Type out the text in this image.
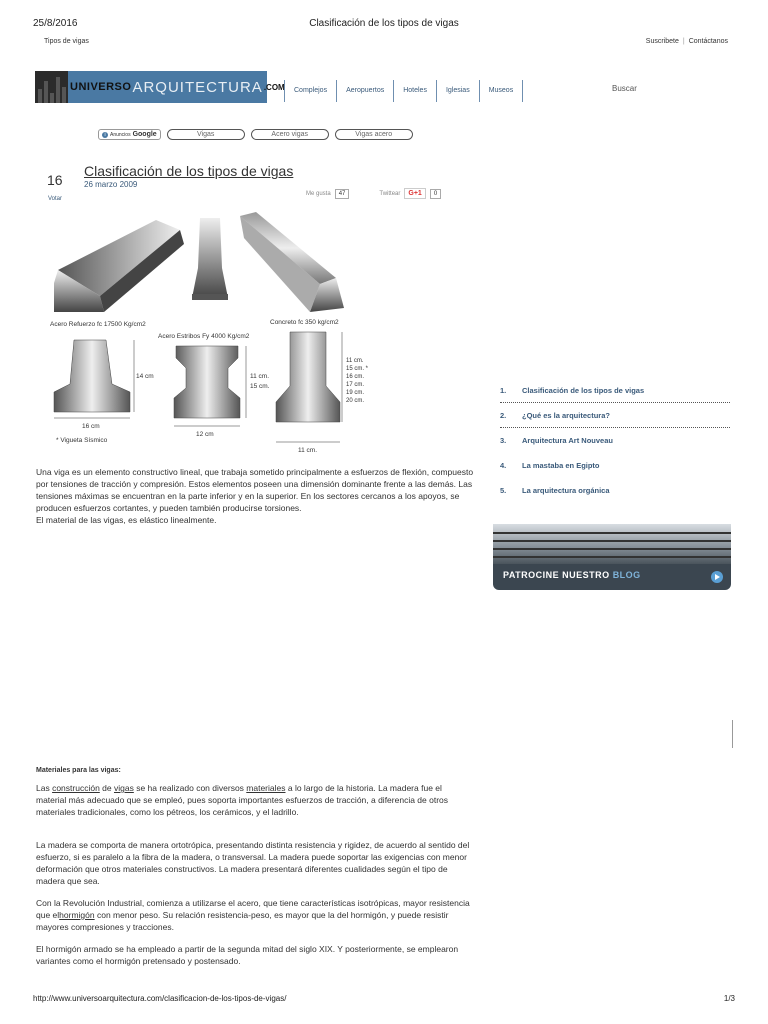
25/8/2016	Clasificación de los tipos de vigas
Tipos de vigas	Suscribete | Contáctanos
UNIVERSO ARQUITECTURA .COM	Complejos	Aeropuertos	Hoteles	Iglesias	Museos	Buscar
i Anuncios Google	Vigas	Acero vigas	Vigas acero
16
Votar
Clasificación de los tipos de vigas
26 marzo 2009
Me gusta	47	Twittear	G+1	0
Acero Refuerzo fc 17500 Kg/cm2
Acero Estribos Fy 4000 Kg/cm2
Concreto fc 350 kg/cm2
14 cm
16 cm
* Vigueta Sísmico
11 cm.
15 cm.
12 cm
11 cm.
15 cm. *
16 cm.
17 cm.
19 cm.
20 cm.
11 cm.
Una viga es un elemento constructivo lineal, que trabaja sometido principalmente a esfuerzos de flexión, compuesto por tensiones de tracción y compresión. Estos elementos poseen una dimensión dominante frente a las demás. Las tensiones máximas se encuentran en la parte inferior y en la superior. En los sectores cercanos a los apoyos, se producen esfuerzos cortantes, y pueden también producirse torsiones.
El material de las vigas, es elástico linealmente.
1.	Clasificación de los tipos de vigas
2.	¿Qué es la arquitectura?
3.	Arquitectura Art Nouveau
4.	La mastaba en Egipto
5.	La arquitectura orgánica
PATROCINE NUESTRO BLOG
Materiales para las vigas:
Las construcción de vigas se ha realizado con diversos materiales a lo largo de la historia. La madera fue el material más adecuado que se empleó, pues soporta importantes esfuerzos de tracción, a diferencia de otros materiales tradicionales, como los pétreos, los cerámicos, y el ladrillo.
La madera se comporta de manera ortotrópica, presentando distinta resistencia y rigidez, de acuerdo al sentido del esfuerzo, si es paralelo a la fibra de la madera, o transversal. La madera puede soportar las exigencias con menor deformación que otros materiales constructivos. La madera presentará diferentes cualidades según el tipo de madera que sea.
Con la Revolución Industrial, comienza a utilizarse el acero, que tiene características isotrópicas, mayor resistencia que elhormigón con menor peso. Su relación resistencia-peso, es mayor que la del hormigón, y puede resistir mayores compresiones y tracciones.
El hormigón armado se ha empleado a partir de la segunda mitad del siglo XIX. Y posteriormente, se emplearon variantes como el hormigón pretensado y postensado.
http://www.universoarquitectura.com/clasificacion-de-los-tipos-de-vigas/	1/3
